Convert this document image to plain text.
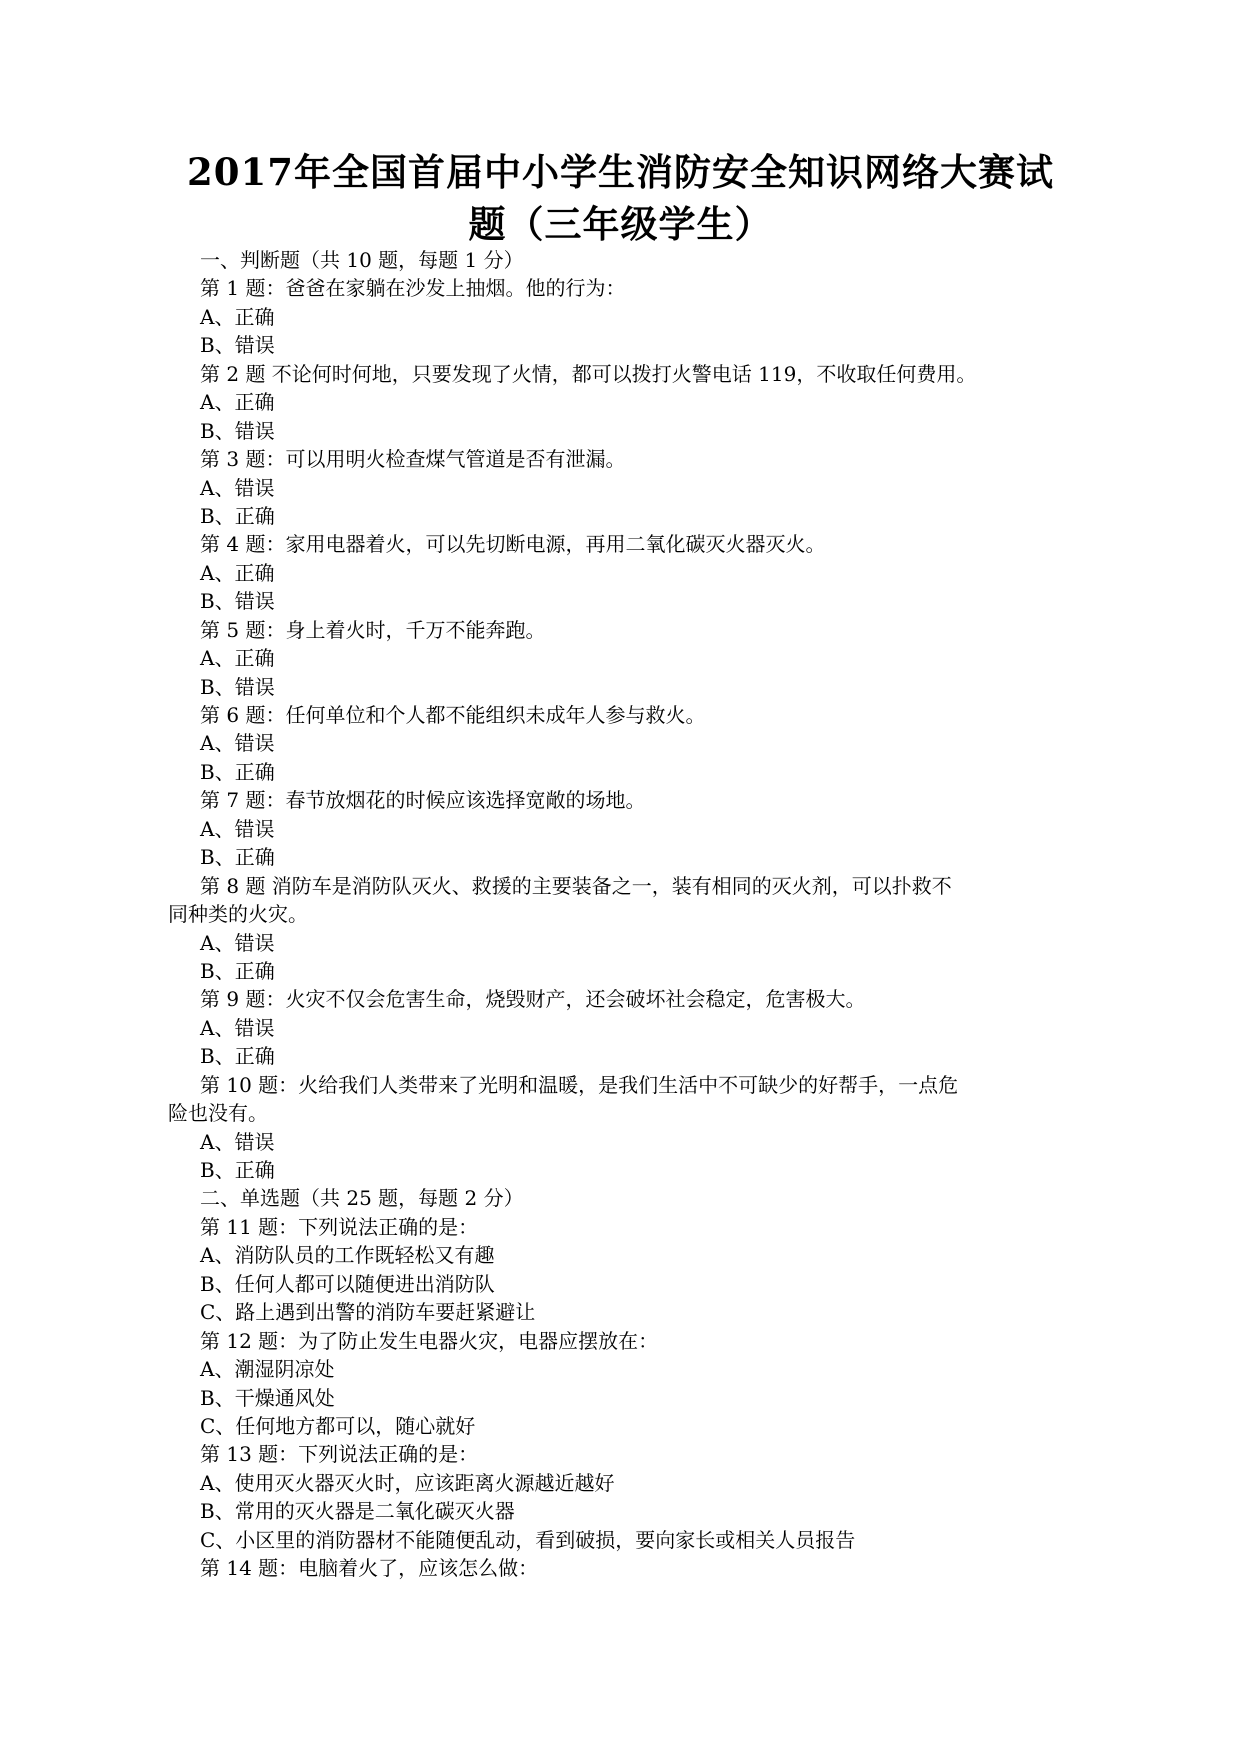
2017年全国首届中小学生消防安全知识网络大赛试
题（三年级学生）
一、判断题（共 10 题，每题 1 分）
第 1 题：爸爸在家躺在沙发上抽烟。他的行为：
A、正确
B、错误
第 2 题 不论何时何地，只要发现了火情，都可以拨打火警电话 119，不收取任何费用。
A、正确
B、错误
第 3 题：可以用明火检查煤气管道是否有泄漏。
A、错误
B、正确
第 4 题：家用电器着火，可以先切断电源，再用二氧化碳灭火器灭火。
A、正确
B、错误
第 5 题：身上着火时，千万不能奔跑。
A、正确
B、错误
第 6 题：任何单位和个人都不能组织未成年人参与救火。
A、错误
B、正确
第 7 题：春节放烟花的时候应该选择宽敞的场地。
A、错误
B、正确
第 8 题 消防车是消防队灭火、救援的主要装备之一，装有相同的灭火剂，可以扑救不
同种类的火灾。
A、错误
B、正确
第 9 题：火灾不仅会危害生命，烧毁财产，还会破坏社会稳定，危害极大。
A、错误
B、正确
第 10 题：火给我们人类带来了光明和温暖，是我们生活中不可缺少的好帮手，一点危
险也没有。
A、错误
B、正确
二、单选题（共 25 题，每题 2 分）
第 11 题：下列说法正确的是：
A、消防队员的工作既轻松又有趣
B、任何人都可以随便进出消防队
C、路上遇到出警的消防车要赶紧避让
第 12 题：为了防止发生电器火灾，电器应摆放在：
A、潮湿阴凉处
B、干燥通风处
C、任何地方都可以，随心就好
第 13 题：下列说法正确的是：
A、使用灭火器灭火时，应该距离火源越近越好
B、常用的灭火器是二氧化碳灭火器
C、小区里的消防器材不能随便乱动，看到破损，要向家长或相关人员报告
第 14 题：电脑着火了，应该怎么做：
